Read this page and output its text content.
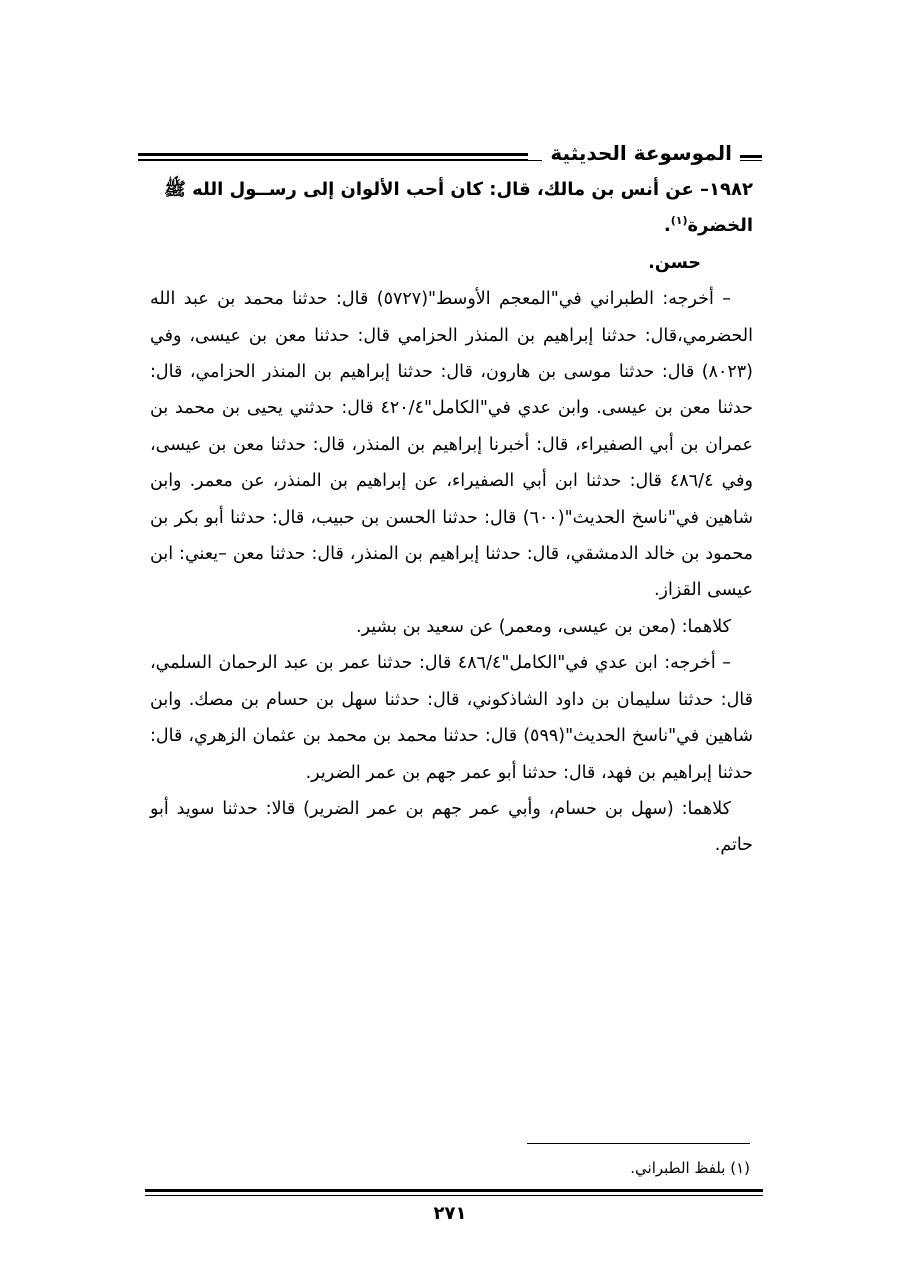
الموسوعة الحديثية

١٩٨٢– عن أنس بن مالك، قال: كان أحب الألوان إلى رســول الله ﷺ
الخضرة$^{(١)}$.

حسن.

– أخرجه: الطبراني في"المعجم الأوسط"(٥٧٢٧) قال: حدثنا محمد بن عبد الله الحضرمي،قال: حدثنا إبراهيم بن المنذر الحزامي قال: حدثنا معن بن عيسى، وفي (٨٠٢٣) قال: حدثنا موسى بن هارون، قال: حدثنا إبراهيم بن المنذر الحزامي، قال: حدثنا معن بن عيسى. وابن عدي في"الكامل"٤٢٠/٤ قال: حدثني يحيى بن محمد بن عمران بن أبي الصفيراء، قال: أخبرنا إبراهيم بن المنذر، قال: حدثنا معن بن عيسى، وفي ٤٨٦/٤ قال: حدثنا ابن أبي الصفيراء، عن إبراهيم بن المنذر، عن معمر. وابن شاهين في"ناسخ الحديث"(٦٠٠) قال: حدثنا الحسن بن حبيب، قال: حدثنا أبو بكر بن محمود بن خالد الدمشقي، قال: حدثنا إبراهيم بن المنذر، قال: حدثنا معن –يعني: ابن عيسى القزاز.

كلاهما: (معن بن عيسى، ومعمر) عن سعيد بن بشير.

– أخرجه: ابن عدي في"الكامل"٤٨٦/٤ قال: حدثنا عمر بن عبد الرحمان السلمي، قال: حدثنا سليمان بن داود الشاذكوني، قال: حدثنا سهل بن حسام بن مصك. وابن شاهين في"ناسخ الحديث"(٥٩٩) قال: حدثنا محمد بن محمد بن عثمان الزهري، قال: حدثنا إبراهيم بن فهد، قال: حدثنا أبو عمر جهم بن عمر الضرير.

كلاهما: (سهل بن حسام، وأبي عمر جهم بن عمر الضرير) قالا: حدثنا سويد أبو حاتم.

(١) بلفظ الطبراني.
٢٧١
